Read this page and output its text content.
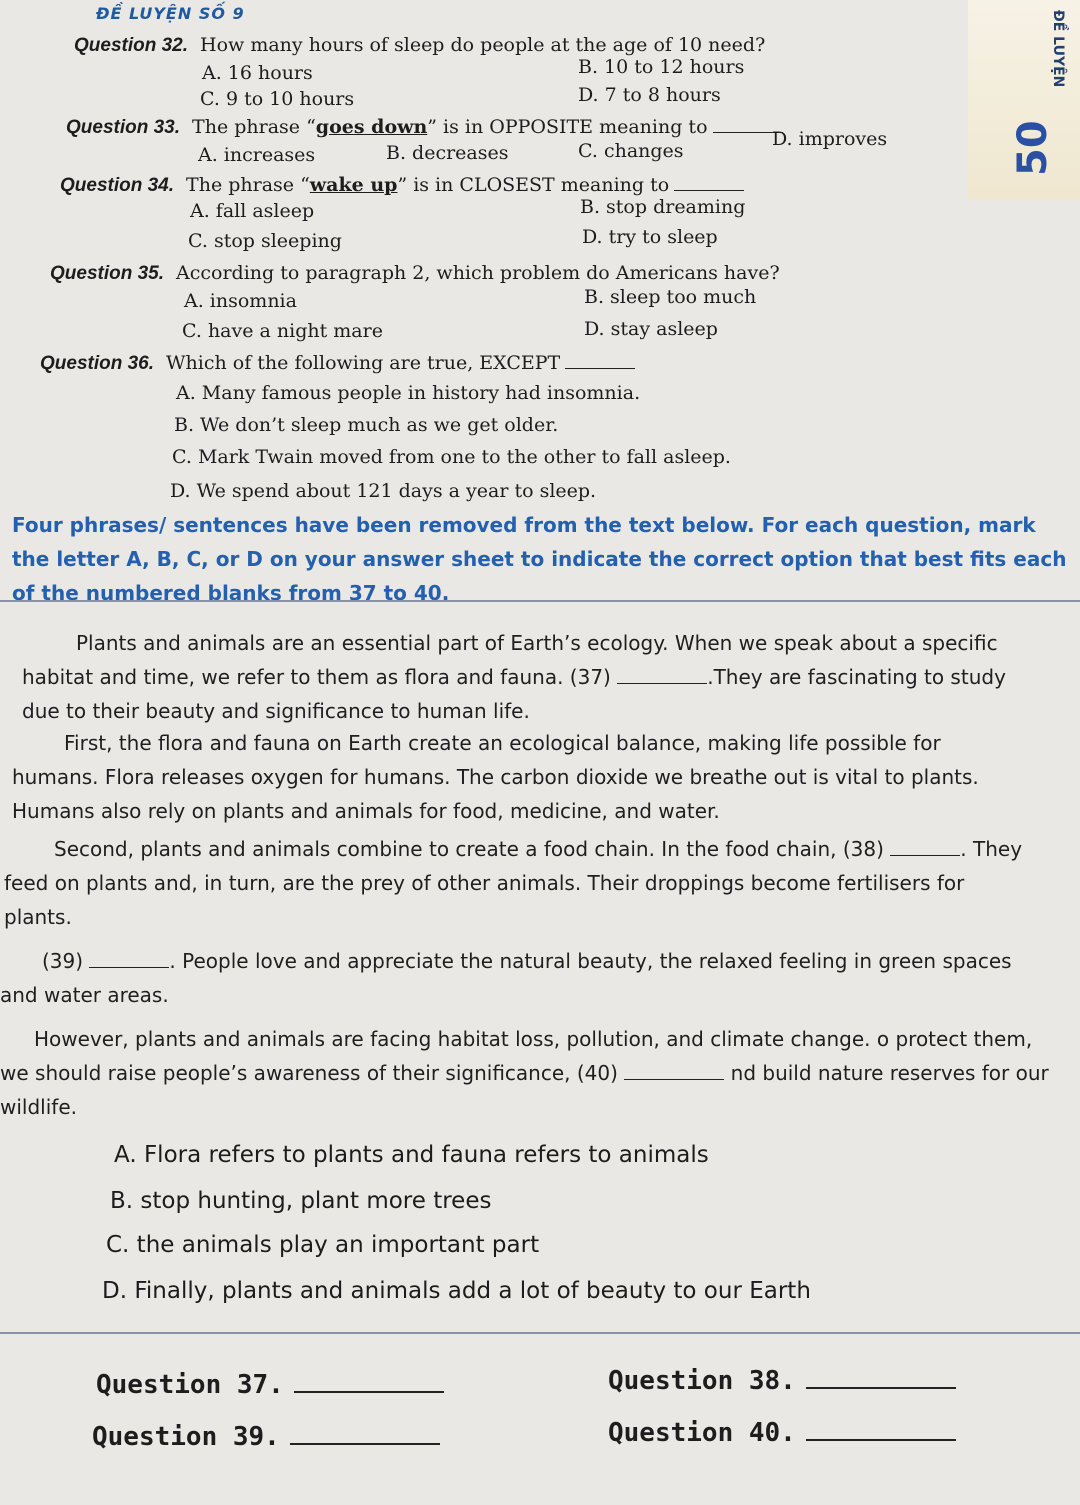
ĐỀ LUYỆN
50
ĐỀ LUYỆN SỐ 9
Question 32. How many hours of sleep do people at the age of 10 need?
A. 16 hours	B. 10 to 12 hours
C. 9 to 10 hours	D. 7 to 8 hours
Question 33. The phrase “goes down” is in OPPOSITE meaning to
A. increases	B. decreases	C. changes
D. improves
Question 34. The phrase “wake up” is in CLOSEST meaning to
A. fall asleep	B. stop dreaming
C. stop sleeping	D. try to sleep
Question 35. According to paragraph 2, which problem do Americans have?
A. insomnia	B. sleep too much
C. have a night mare	D. stay asleep
Question 36. Which of the following are true, EXCEPT
A. Many famous people in history had insomnia.
B. We don’t sleep much as we get older.
C. Mark Twain moved from one to the other to fall asleep.
D. We spend about 121 days a year to sleep.
Four phrases/ sentences have been removed from the text below. For each question, mark the letter A, B, C, or D on your answer sheet to indicate the correct option that best fits each of the numbered blanks from 37 to 40.
Plants and animals are an essential part of Earth’s ecology. When we speak about a specific habitat and time, we refer to them as flora and fauna. (37)	.They are fascinating to study due to their beauty and significance to human life.
First, the flora and fauna on Earth create an ecological balance, making life possible for humans. Flora releases oxygen for humans. The carbon dioxide we breathe out is vital to plants. Humans also rely on plants and animals for food, medicine, and water.
Second, plants and animals combine to create a food chain. In the food chain, (38)	. They feed on plants and, in turn, are the prey of other animals. Their droppings become fertilisers for plants.
(39)	. People love and appreciate the natural beauty, the relaxed feeling in green spaces and water areas.
However, plants and animals are facing habitat loss, pollution, and climate change. o protect them, we should raise people’s awareness of their significance, (40)	nd build nature reserves for our wildlife.
A. Flora refers to plants and fauna refers to animals
B. stop hunting, plant more trees
C. the animals play an important part
D. Finally, plants and animals add a lot of beauty to our Earth
Question 37.	Question 38.
Question 39.	Question 40.
